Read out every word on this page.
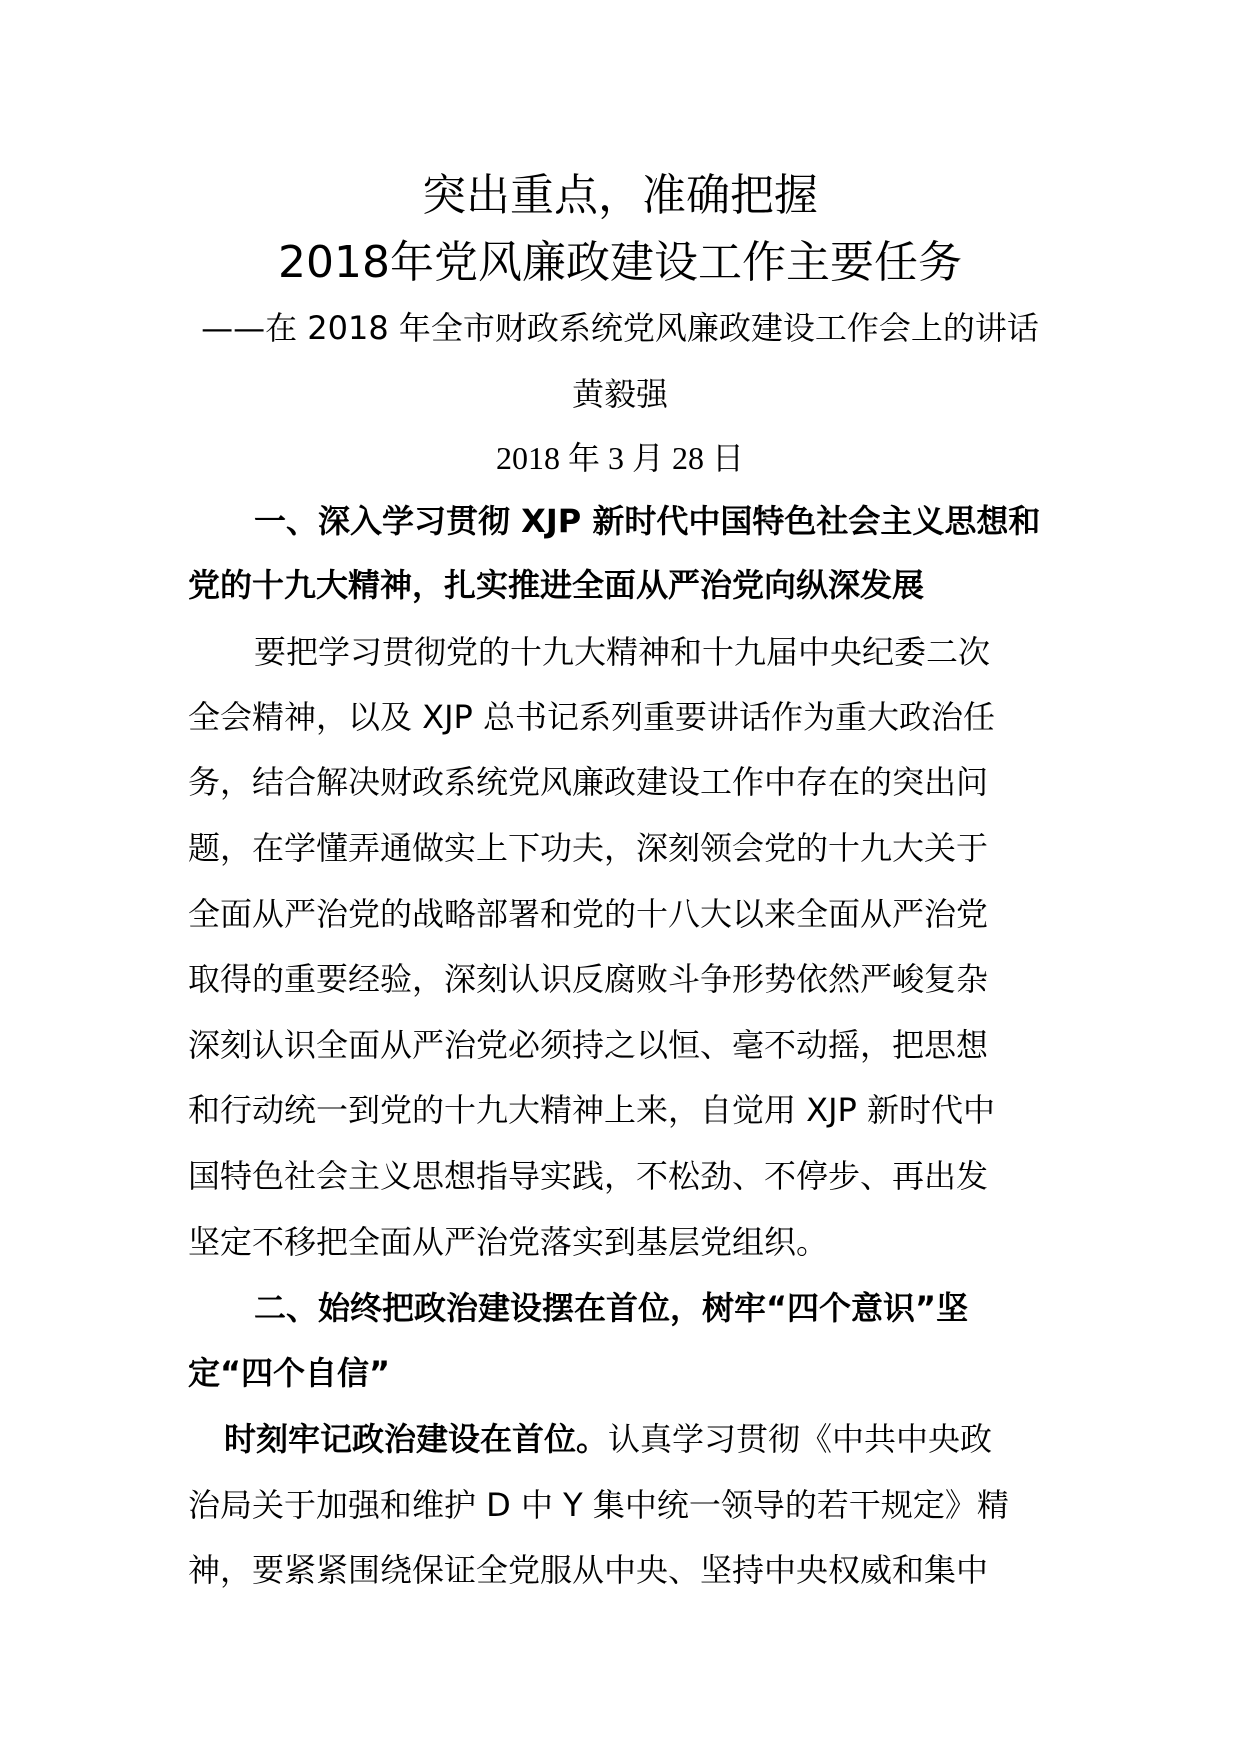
突出重点，准确把握
2018年党风廉政建设工作主要任务
——在 2018 年全市财政系统党风廉政建设工作会上的讲话
黄毅强
2018 年 3 月 28 日
一、深入学习贯彻 XJP 新时代中国特色社会主义思想和
党的十九大精神，扎实推进全面从严治党向纵深发展
要把学习贯彻党的十九大精神和十九届中央纪委二次
全会精神，以及 XJP 总书记系列重要讲话作为重大政治任
务，结合解决财政系统党风廉政建设工作中存在的突出问
题，在学懂弄通做实上下功夫，深刻领会党的十九大关于
全面从严治党的战略部署和党的十八大以来全面从严治党
取得的重要经验，深刻认识反腐败斗争形势依然严峻复杂
深刻认识全面从严治党必须持之以恒、毫不动摇，把思想
和行动统一到党的十九大精神上来，自觉用 XJP 新时代中
国特色社会主义思想指导实践，不松劲、不停步、再出发
坚定不移把全面从严治党落实到基层党组织。
二、始终把政治建设摆在首位，树牢“四个意识”坚
定“四个自信”
时刻牢记政治建设在首位。认真学习贯彻《中共中央政
治局关于加强和维护 D 中 Y 集中统一领导的若干规定》精
神，要紧紧围绕保证全党服从中央、坚持中央权威和集中
